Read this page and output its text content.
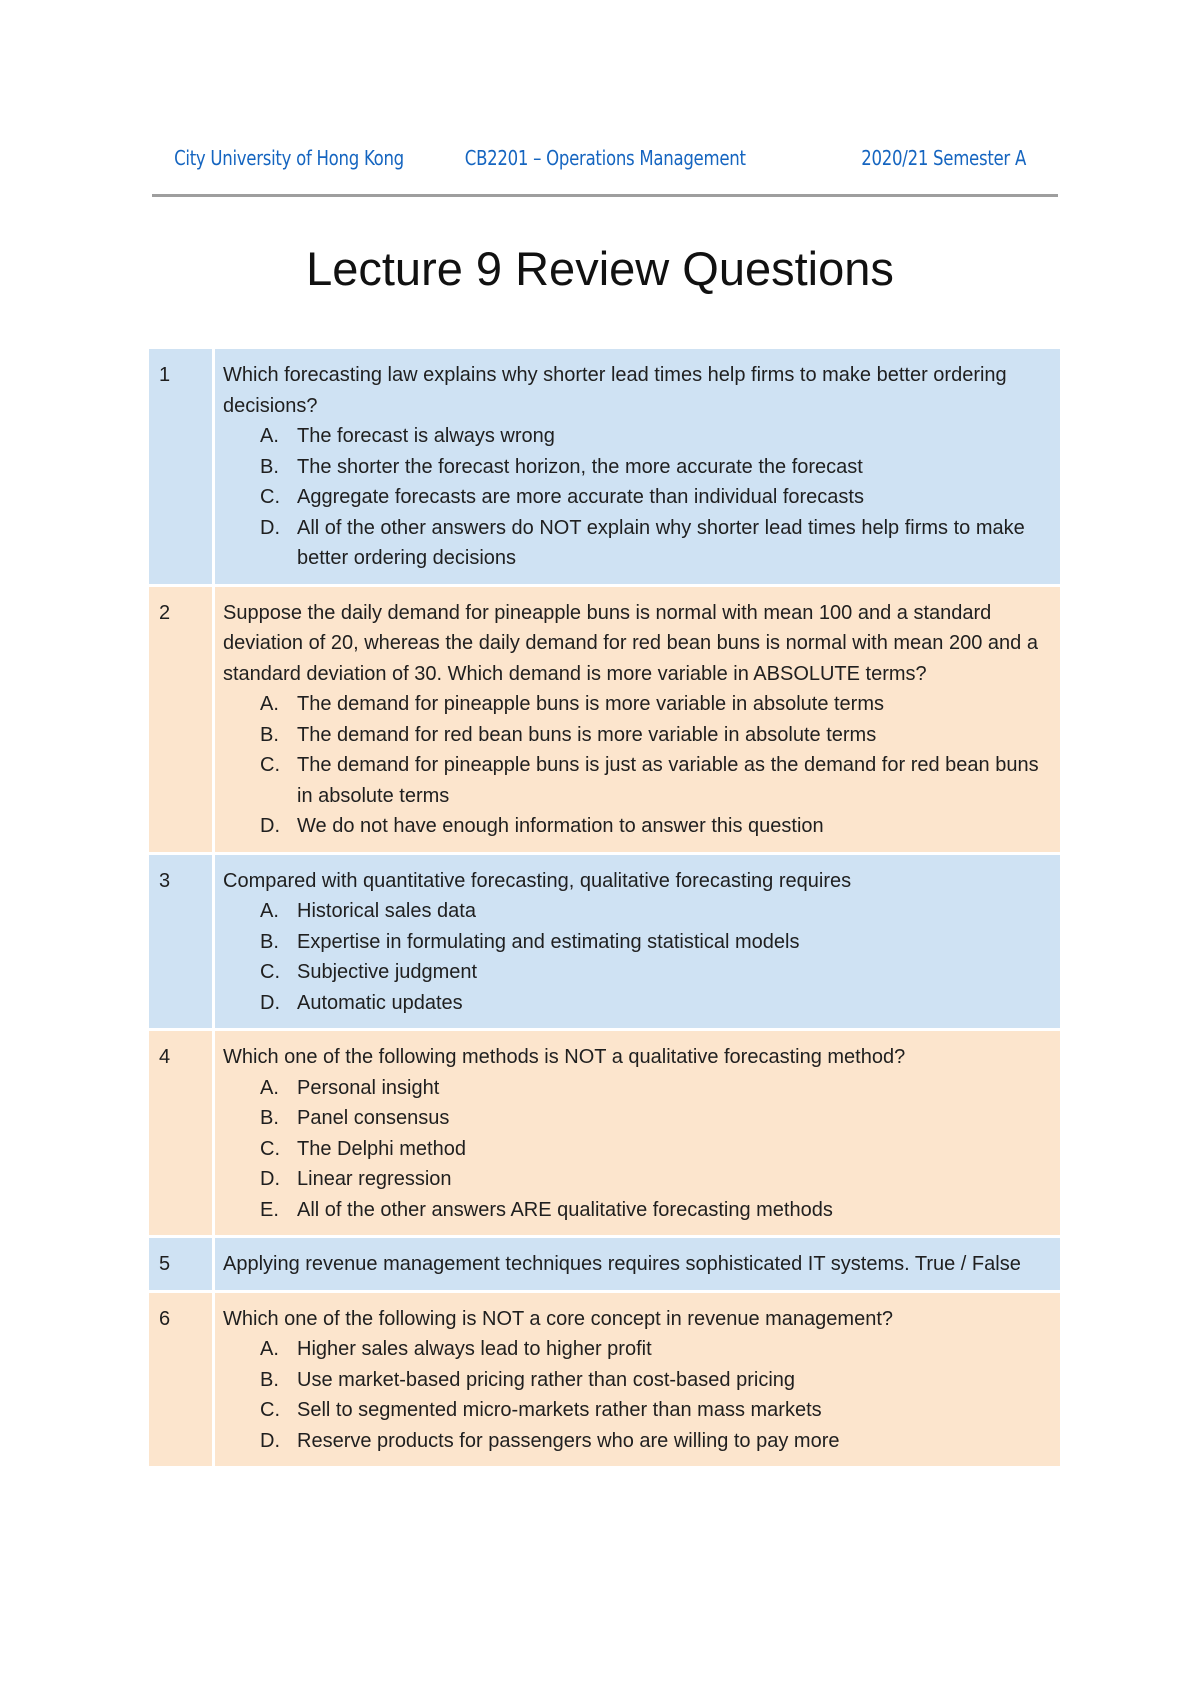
City University of Hong Kong	CB2201 – Operations Management	2020/21 Semester A
Lecture 9 Review Questions
1	Which forecasting law explains why shorter lead times help firms to make better ordering decisions?
A. The forecast is always wrong
B. The shorter the forecast horizon, the more accurate the forecast
C. Aggregate forecasts are more accurate than individual forecasts
D. All of the other answers do NOT explain why shorter lead times help firms to make better ordering decisions
2	Suppose the daily demand for pineapple buns is normal with mean 100 and a standard deviation of 20, whereas the daily demand for red bean buns is normal with mean 200 and a standard deviation of 30. Which demand is more variable in ABSOLUTE terms?
A. The demand for pineapple buns is more variable in absolute terms
B. The demand for red bean buns is more variable in absolute terms
C. The demand for pineapple buns is just as variable as the demand for red bean buns in absolute terms
D. We do not have enough information to answer this question
3	Compared with quantitative forecasting, qualitative forecasting requires
A. Historical sales data
B. Expertise in formulating and estimating statistical models
C. Subjective judgment
D. Automatic updates
4	Which one of the following methods is NOT a qualitative forecasting method?
A. Personal insight
B. Panel consensus
C. The Delphi method
D. Linear regression
E. All of the other answers ARE qualitative forecasting methods
5	Applying revenue management techniques requires sophisticated IT systems. True / False
6	Which one of the following is NOT a core concept in revenue management?
A. Higher sales always lead to higher profit
B. Use market-based pricing rather than cost-based pricing
C. Sell to segmented micro-markets rather than mass markets
D. Reserve products for passengers who are willing to pay more
